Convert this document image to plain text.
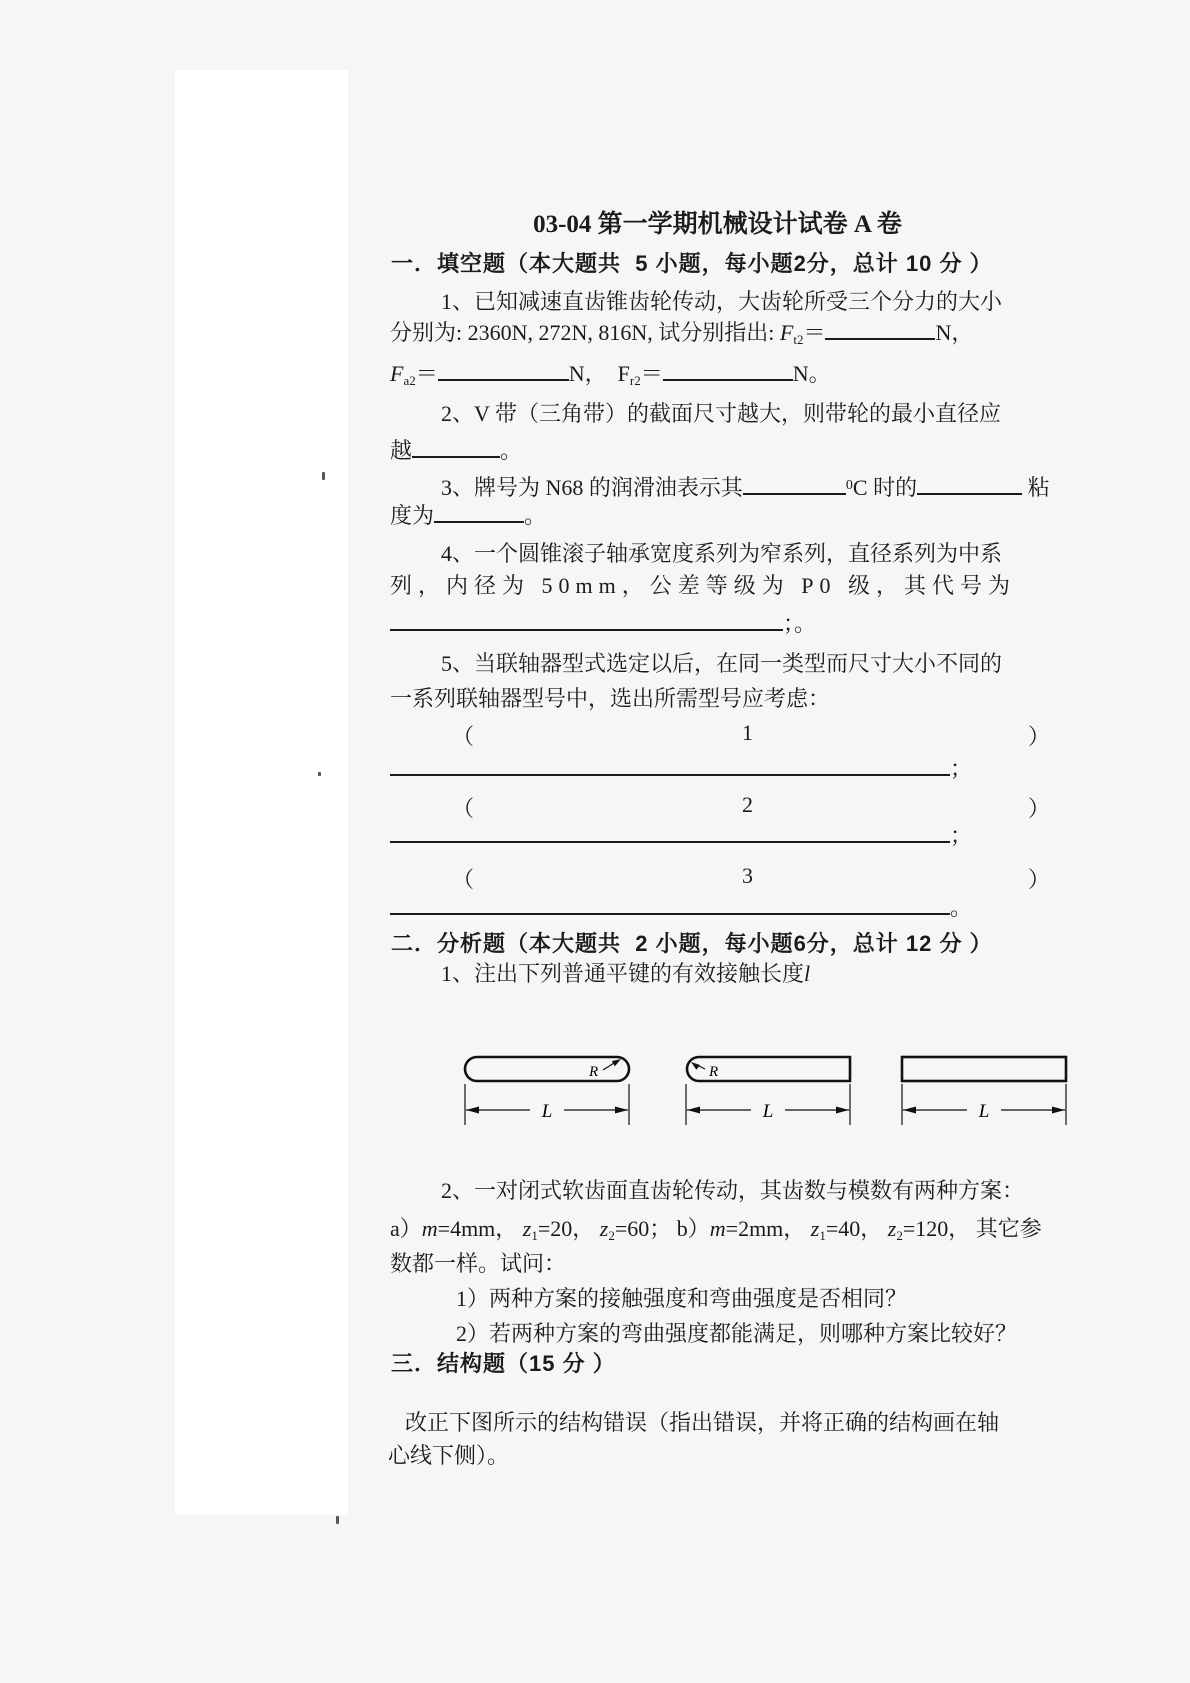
03-04 第一学期机械设计试卷 A 卷
一．填空题（本大题共  5 小题，每小题2分，总计 10 分 ）
1、已知减速直齿锥齿轮传动，大齿轮所受三个分力的大小
分别为: 2360N, 272N, 816N, 试分别指出: Ft2＝	N，
Fa2＝	N，  Fr2＝	N。
2、V 带（三角带）的截面尺寸越大，则带轮的最小直径应
越	。
3、牌号为 N68 的润滑油表示其	$^0$C 时的	粘
度为	。
4、一个圆锥滚子轴承宽度系列为窄系列，直径系列为中系
列，内径为 50mm，公差等级为 P0 级，其代号为
；。
5、当联轴器型式选定以后，在同一类型而尺寸大小不同的
一系列联轴器型号中，选出所需型号应考虑：
（	1	）
；
（	2	）
；
（	3	）
。
二．分析题（本大题共  2 小题，每小题6分，总计 12 分 ）
1、注出下列普通平键的有效接触长度l
R
L
R
L	L
2、一对闭式软齿面直齿轮传动，其齿数与模数有两种方案：
a）m=4mm， z1=20， z2=60； b）m=2mm， z1=40， z2=120， 其它参
数都一样。试问：
1）两种方案的接触强度和弯曲强度是否相同？
2）若两种方案的弯曲强度都能满足，则哪种方案比较好？
三．结构题（15 分 ）
改正下图所示的结构错误（指出错误，并将正确的结构画在轴
心线下侧）。
